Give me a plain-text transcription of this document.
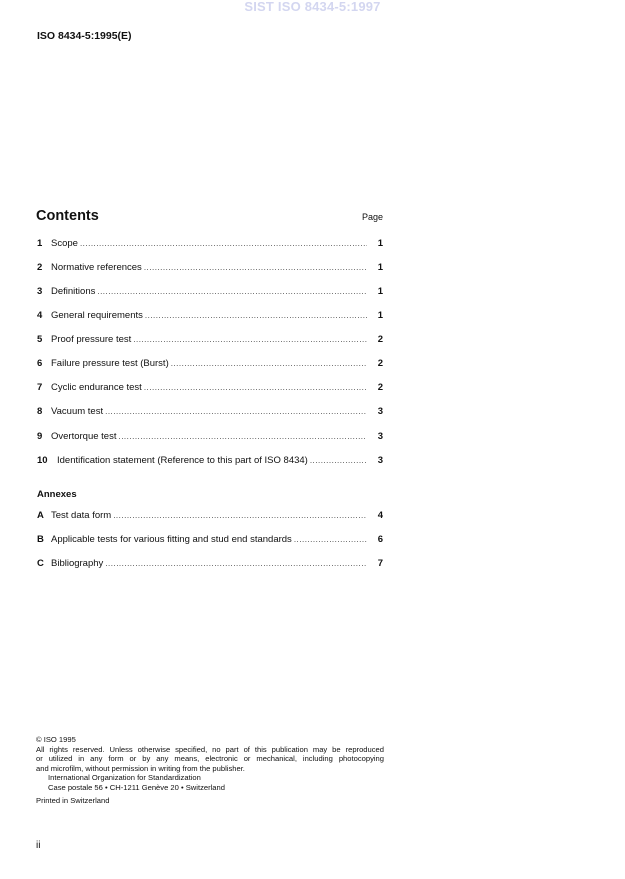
SIST ISO 8434-5:1997
ISO 8434-5:1995(E)
Contents	Page
1 Scope .....	1
2 Normative references .....	1
3 Definitions .....	1
4 General requirements .....	1
5 Proof pressure test .....	2
6 Failure pressure test (Burst) .....	2
7 Cyclic endurance test .....	2
8 Vacuum test .....	3
9 Overtorque test .....	3
10 Identification statement (Reference to this part of ISO 8434) .....	3
Annexes
A Test data form .....	4
B Applicable tests for various fitting and stud end standards .....	6
C Bibliography .....	7

© ISO 1995

All rights reserved. Unless otherwise specified, no part of this publication may be reproduced

or utilized in any form or by any means, electronic or mechanical, including photocopying

and microfilm, without permission in writing from the publisher.

International Organization for Standardization

Case postale 56 • CH-1211 Genève 20 • Switzerland

Printed in Switzerland

ii
